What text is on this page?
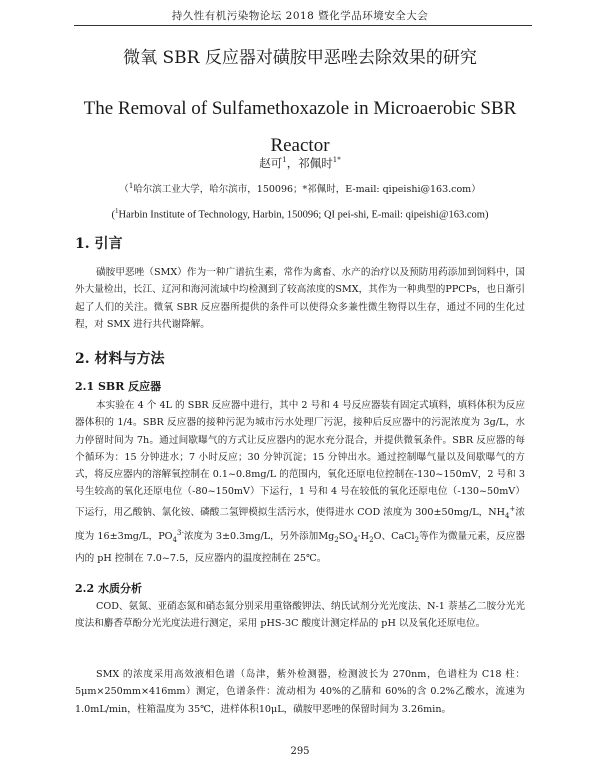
持久性有机污染物论坛 2018 暨化学品环境安全大会
微氧 SBR 反应器对磺胺甲恶唑去除效果的研究
The Removal of Sulfamethoxazole in Microaerobic SBR Reactor
赵可$^1$，祁佩时$^{1*}$
（$^1$哈尔滨工业大学，哈尔滨市，150096；*祁佩时，E-mail: qipeishi@163.com）
($^1$Harbin Institute of Technology, Harbin, 150096; QI pei-shi, E-mail: qipeishi@163.com)
1. 引言

磺胺甲恶唑（SMX）作为一种广谱抗生素，常作为禽畜、水产的治疗以及预防用药添加到饲料中，国外大量检出，长江、辽河和海河流域中均检测到了较高浓度的SMX，其作为一种典型的PPCPs，也日渐引起了人们的关注。微氧 SBR 反应器所提供的条件可以使得众多兼性微生物得以生存，通过不同的生化过程，对 SMX 进行共代谢降解。

2. 材料与方法
2.1 SBR 反应器

本实验在 4 个 4L 的 SBR 反应器中进行，其中 2 号和 4 号反应器装有固定式填料，填料体积为反应器体积的 1/4。SBR 反应器的接种污泥为城市污水处理厂污泥，接种后反应器中的污泥浓度为 3g/L，水力停留时间为 7h。通过间歇曝气的方式让反应器内的泥水充分混合，并提供微氧条件。SBR 反应器的每个循环为：15 分钟进水；7 小时反应；30 分钟沉淀；15 分钟出水。通过控制曝气量以及间歇曝气的方式，将反应器内的溶解氧控制在 0.1~0.8mg/L 的范围内，氧化还原电位控制在-130~150mV，2 号和 3 号生较高的氧化还原电位（-80~150mV）下运行，1 号和 4 号在较低的氧化还原电位（-130~50mV）下运行，用乙酸钠、氯化铵、磷酸二氢钾模拟生活污水，使得进水 COD 浓度为 300±50mg/L，$NH_4^+$浓度为 16±3mg/L，$PO_4^{3-}$浓度为 3±0.3mg/L，另外添加$Mg_2SO_4\cdot H_2O$、CaCl$_2$等作为微量元素，反应器内的 pH 控制在 7.0~7.5，反应器内的温度控制在 25℃。

2.2 水质分析

COD、氨氮、亚硝态氮和硝态氮分别采用重铬酸钾法、纳氏试剂分光光度法、N-1 萘基乙二胺分光光度法和麝香草酚分光光度法进行测定，采用 pHS-3C 酸度计测定样品的 pH 以及氧化还原电位。

SMX 的浓度采用高效液相色谱（岛津，紫外检测器，检测波长为 270nm，色谱柱为 C18 柱：5μm×250mm×416mm）测定，色谱条件：流动相为 40%的乙腈和 60%的含 0.2%乙酸水，流速为 1.0mL/min，柱箱温度为 35℃，进样体积10μL，磺胺甲恶唑的保留时间为 3.26min。

295
